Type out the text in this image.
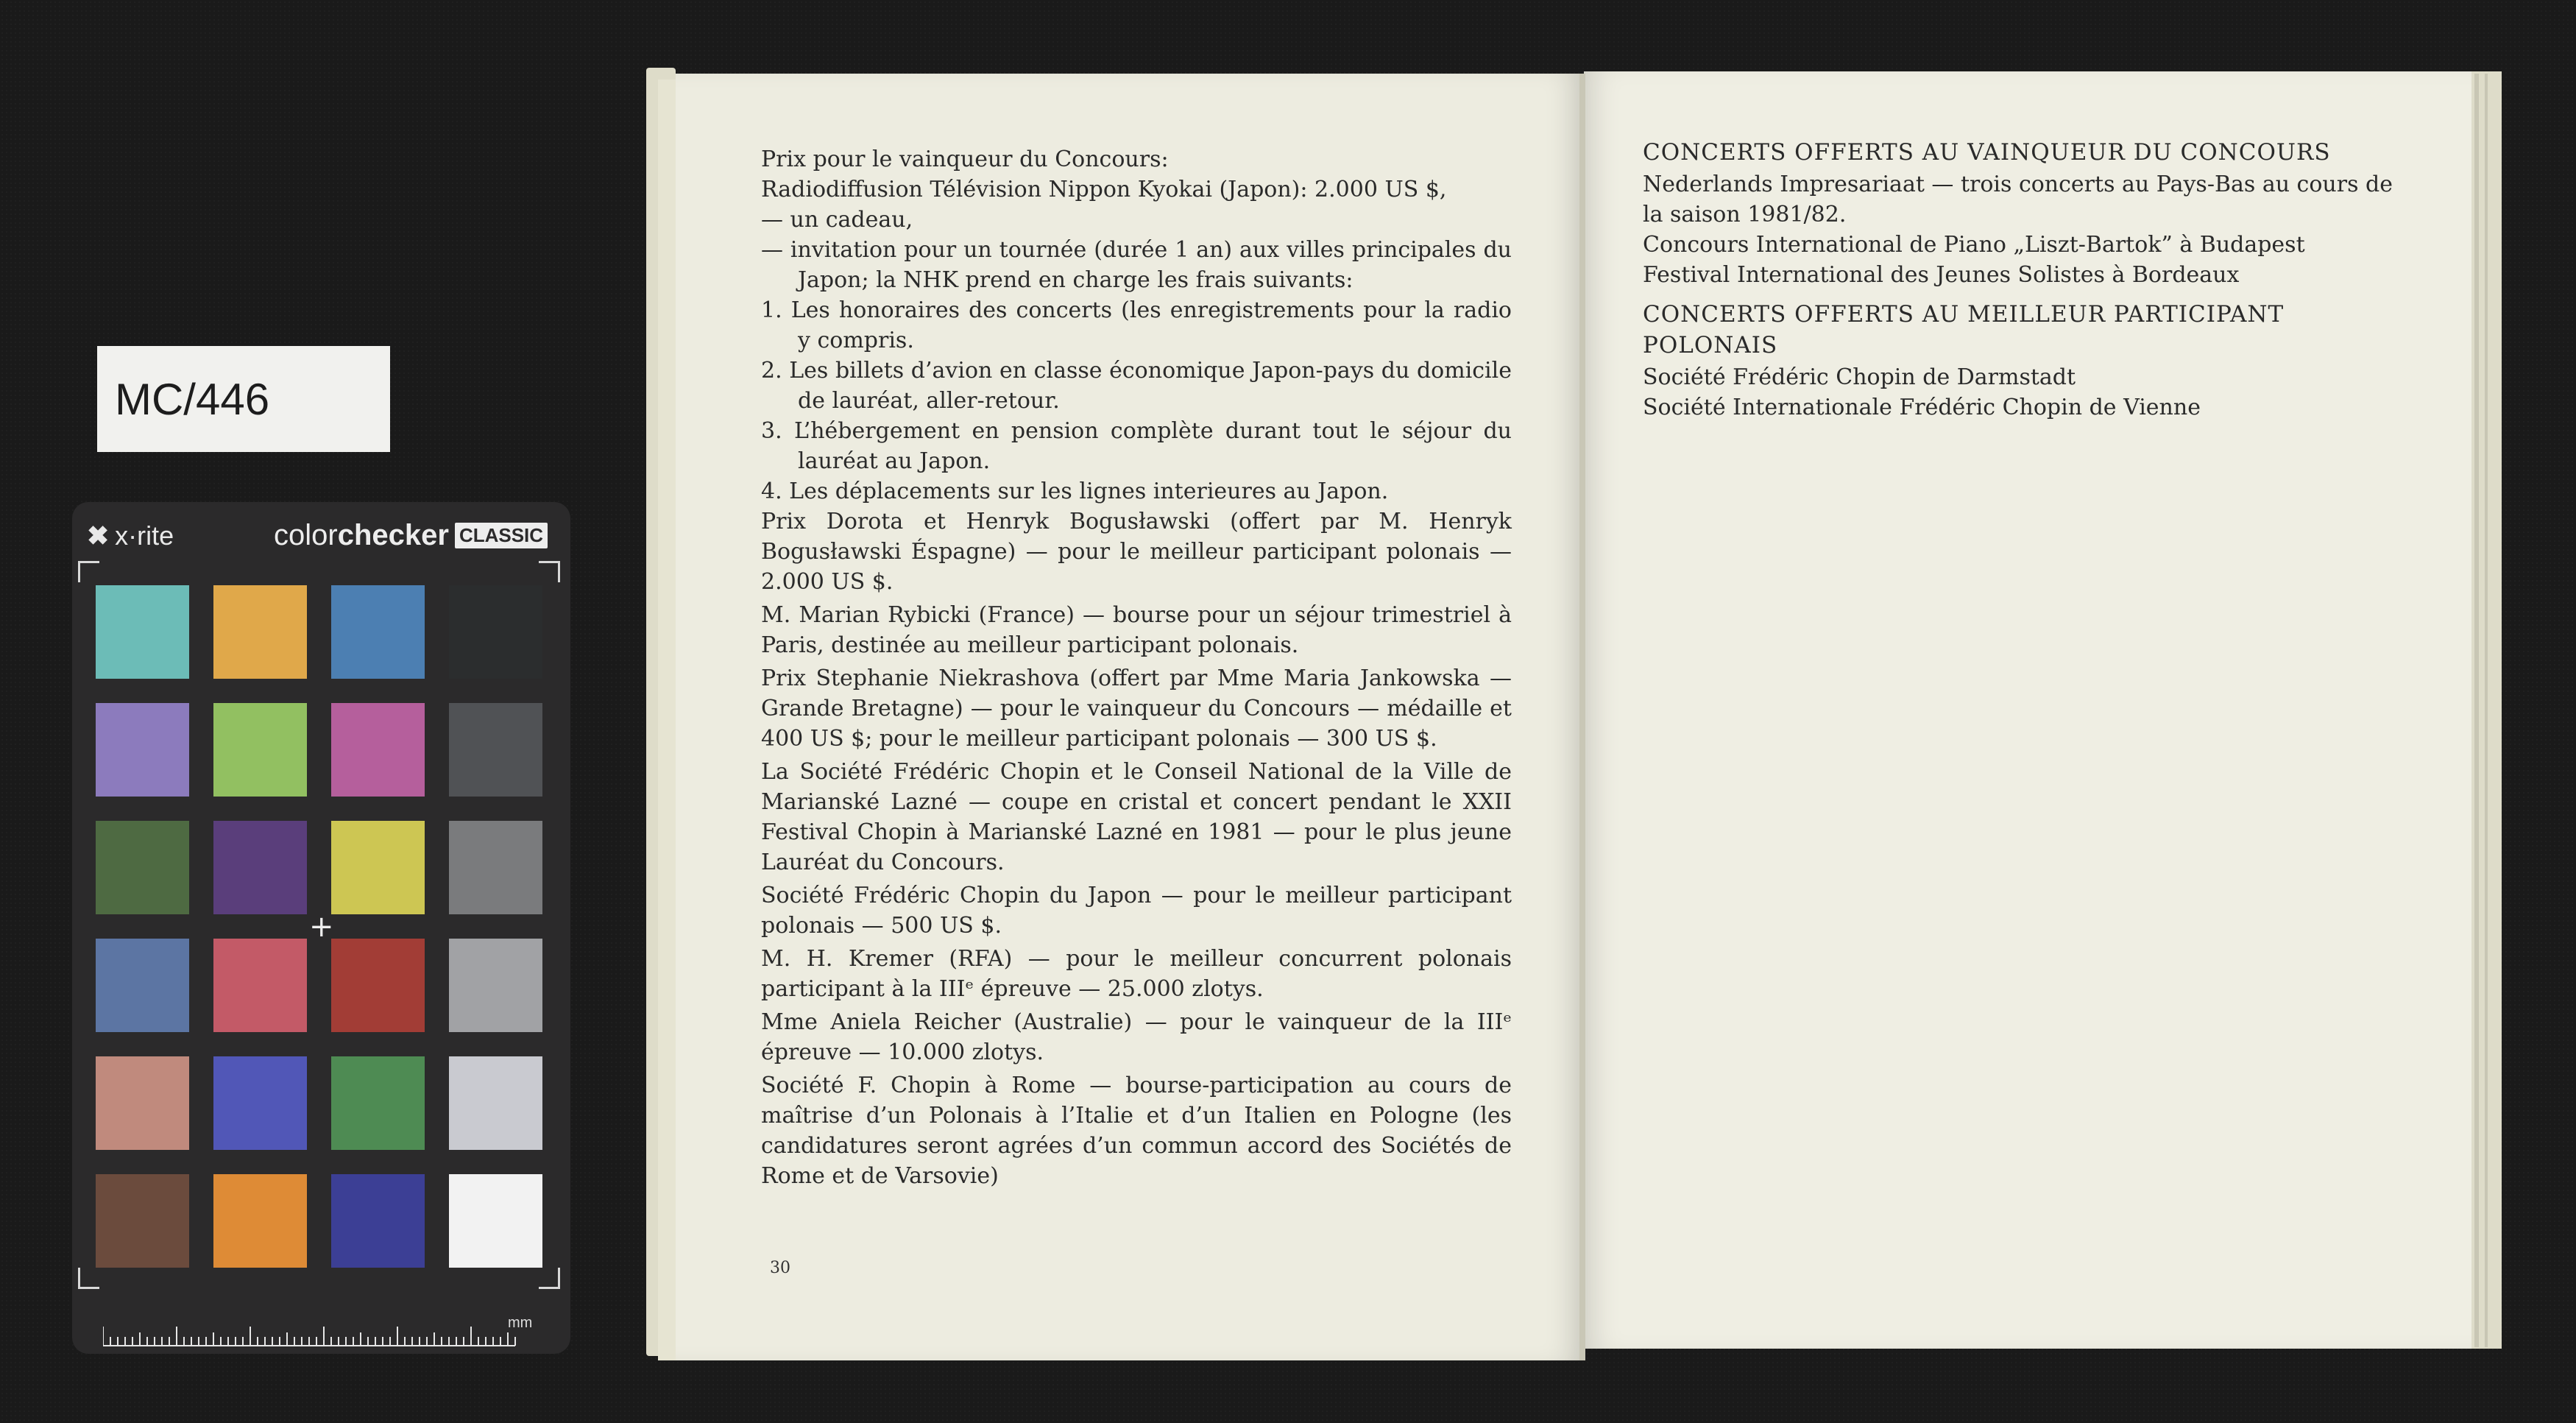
MC/446
✖ x·rite	color checker CLASSIC
+
mm

Prix pour le vainqueur du Concours:

Radiodiffusion Télévision Nippon Kyokai (Japon): 2.000 US $,

— un cadeau,

— invitation pour un tournée (durée 1 an) aux villes principales du Japon; la NHK prend en charge les frais suivants:

1. Les honoraires des concerts (les enregistrements pour la radio y compris.

2. Les billets d’avion en classe économique Japon-pays du domicile de lauréat, aller-retour.

3. L’hébergement en pension complète durant tout le séjour du lauréat au Japon.

4. Les déplacements sur les lignes interieures au Japon.

Prix Dorota et Henryk Bogusławski (offert par M. Henryk Bogusławski Éspagne) — pour le meilleur participant polonais — 2.000 US $.

M. Marian Rybicki (France) — bourse pour un séjour trimestriel à Paris, destinée au meilleur participant polonais.

Prix Stephanie Niekrashova (offert par Mme Maria Jankowska — Grande Bretagne) — pour le vainqueur du Concours — médaille et 400 US $; pour le meilleur participant polonais — 300 US $.

La Société Frédéric Chopin et le Conseil National de la Ville de Marianské Lazné — coupe en cristal et concert pendant le XXII Festival Chopin à Marianské Lazné en 1981 — pour le plus jeune Lauréat du Concours.

Société Frédéric Chopin du Japon — pour le meilleur participant polonais — 500 US $.

M. H. Kremer (RFA) — pour le meilleur concurrent polonais participant à la IIIᵉ épreuve — 25.000 zlotys.

Mme Aniela Reicher (Australie) — pour le vainqueur de la IIIᵉ épreuve — 10.000 zlotys.

Société F. Chopin à Rome — bourse-participation au cours de maîtrise d’un Polonais à l’Italie et d’un Italien en Pologne (les candidatures seront agrées d’un commun accord des Sociétés de Rome et de Varsovie)

30
CONCERTS OFFERTS AU VAINQUEUR DU CONCOURS

Nederlands Impresariaat — trois concerts au Pays-Bas au cours de la saison 1981/82.

Concours International de Piano „Liszt-Bartok” à Budapest

Festival International des Jeunes Solistes à Bordeaux

CONCERTS OFFERTS AU MEILLEUR PARTICIPANT POLONAIS

Société Frédéric Chopin de Darmstadt

Société Internationale Frédéric Chopin de Vienne
